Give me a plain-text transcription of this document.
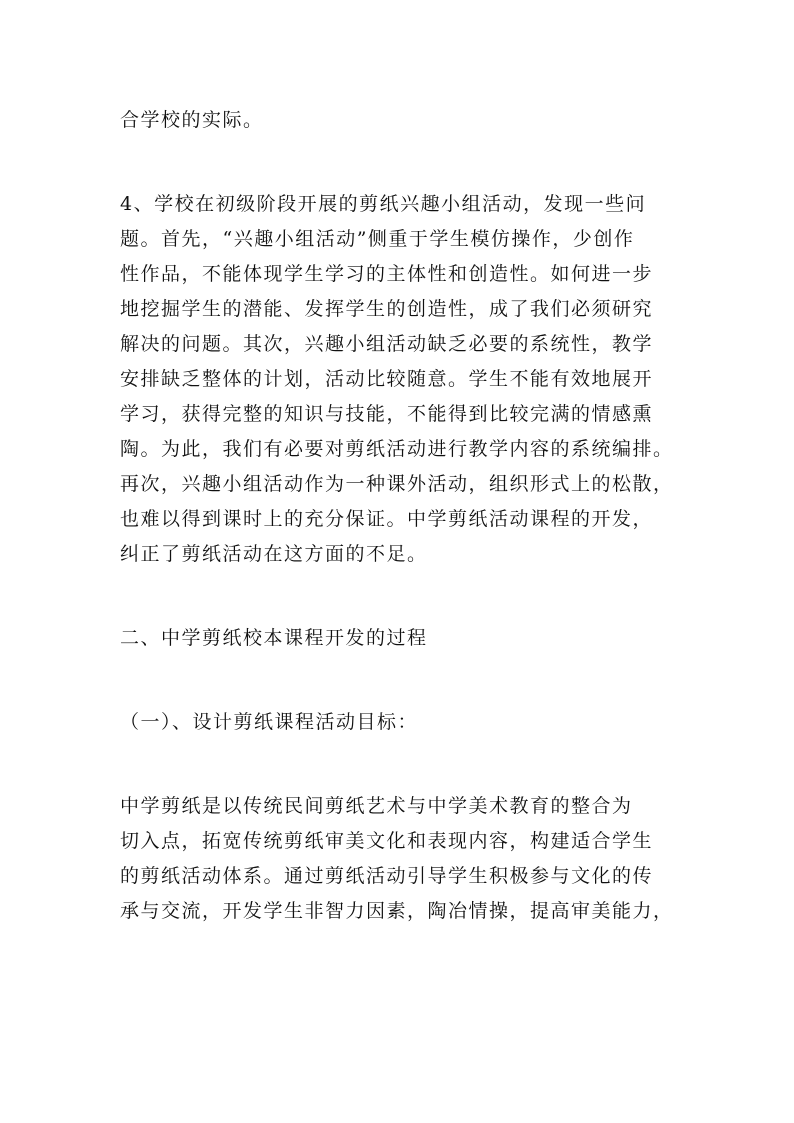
合学校的实际。
4、学校在初级阶段开展的剪纸兴趣小组活动，发现一些问
题。首先，“兴趣小组活动”侧重于学生模仿操作，少创作
性作品，不能体现学生学习的主体性和创造性。如何进一步
地挖掘学生的潜能、发挥学生的创造性，成了我们必须研究
解决的问题。其次，兴趣小组活动缺乏必要的系统性，教学
安排缺乏整体的计划，活动比较随意。学生不能有效地展开
学习，获得完整的知识与技能，不能得到比较完满的情感熏
陶。为此，我们有必要对剪纸活动进行教学内容的系统编排。
再次，兴趣小组活动作为一种课外活动，组织形式上的松散，
也难以得到课时上的充分保证。中学剪纸活动课程的开发，
纠正了剪纸活动在这方面的不足。
二、中学剪纸校本课程开发的过程
（一）、设计剪纸课程活动目标：
中学剪纸是以传统民间剪纸艺术与中学美术教育的整合为
切入点，拓宽传统剪纸审美文化和表现内容，构建适合学生
的剪纸活动体系。通过剪纸活动引导学生积极参与文化的传
承与交流，开发学生非智力因素，陶冶情操，提高审美能力，
